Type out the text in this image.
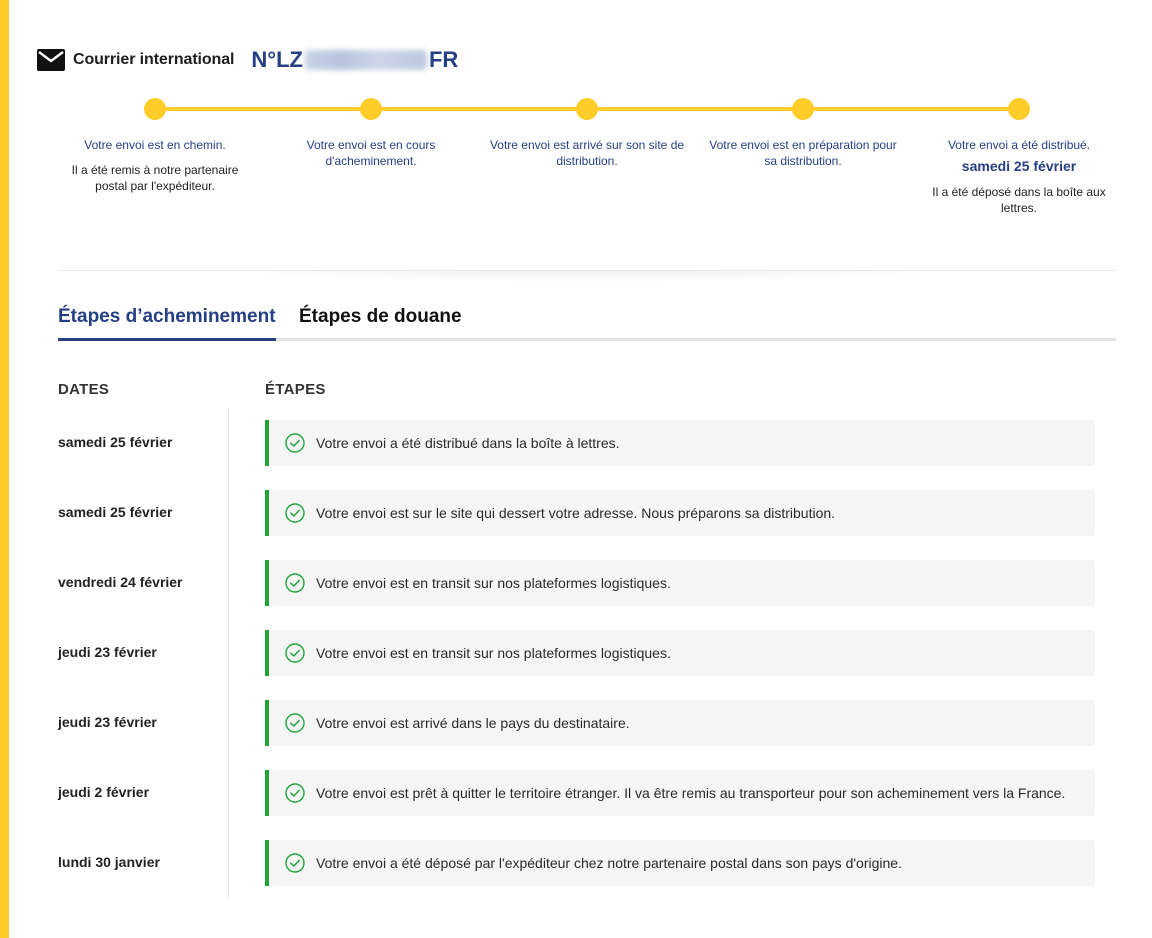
Courrier international N°LZ	FR
Votre envoi est en chemin.
Il a été remis à notre partenaire postal par l'expéditeur.
Votre envoi est en cours d'acheminement.
Votre envoi est arrivé sur son site de distribution.
Votre envoi est en préparation pour sa distribution.
Votre envoi a été distribué.
samedi 25 février
Il a été déposé dans la boîte aux lettres.
Étapes d’acheminement Étapes de douane
DATES	ÉTAPES
samedi 25 février	Votre envoi a été distribué dans la boîte à lettres.
samedi 25 février	Votre envoi est sur le site qui dessert votre adresse. Nous préparons sa distribution.
vendredi 24 février	Votre envoi est en transit sur nos plateformes logistiques.
jeudi 23 février	Votre envoi est en transit sur nos plateformes logistiques.
jeudi 23 février	Votre envoi est arrivé dans le pays du destinataire.
jeudi 2 février	Votre envoi est prêt à quitter le territoire étranger. Il va être remis au transporteur pour son acheminement vers la France.
lundi 30 janvier	Votre envoi a été déposé par l'expéditeur chez notre partenaire postal dans son pays d'origine.
